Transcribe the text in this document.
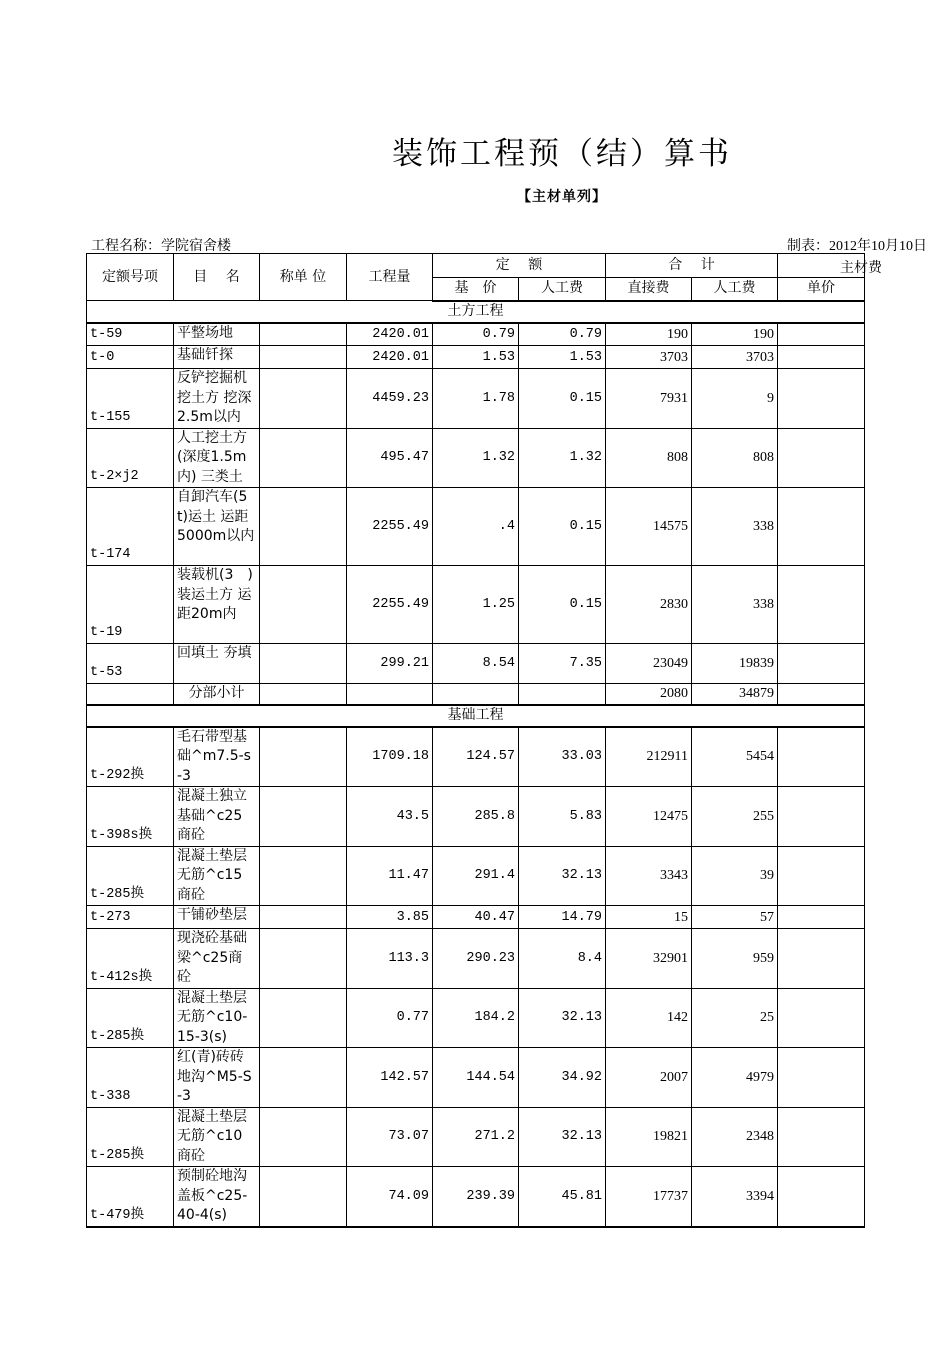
装饰工程预（结）算书
【主材单列】
工程名称：学院宿舍楼	制表：2012年10月10日
主材费
定额号项	目　 名	称单 位	工程量	定　 额		合　 计		
				基　价	人工费	直接费	人工费	单价
土方工程								
t-59	平整场地		2420.01	0.79	0.79	190	190	
t-0	基础钎探		2420.01	1.53	1.53	3703	3703	
t-155	反铲挖掘机挖土方 挖深2.5m以内		4459.23	1.78	0.15	7931	9	
t-2×j2	人工挖土方(深度1.5m内) 三类土		495.47	1.32	1.32	808	808	
t-174	自卸汽车(5t)运土 运距5000m以内		2255.49	.4	0.15	14575	338	
t-19	装载机(3　)装运土方 运距20m内		2255.49	1.25	0.15	2830	338	
t-53	回填土 夯填		299.21	8.54	7.35	23049	19839	
	分部小计					2080	34879	
基础工程								
t-292换	毛石带型基础^m7.5-s-3		1709.18	124.57	33.03	212911	5454	
t-398s换	混凝土独立基础^c25商砼		43.5	285.8	5.83	12475	255	
t-285换	混凝土垫层无筋^c15商砼		11.47	291.4	32.13	3343	39	
t-273	干铺砂垫层		3.85	40.47	14.79	15	57	
t-412s换	现浇砼基础梁^c25商砼		113.3	290.23	8.4	32901	959	
t-285换	混凝土垫层无筋^c10-15-3(s)		0.77	184.2	32.13	142	25	
t-338	红(青)砖砖地沟^M5-S-3		142.57	144.54	34.92	2007	4979	
t-285换	混凝土垫层无筋^c10商砼		73.07	271.2	32.13	19821	2348	
t-479换	预制砼地沟盖板^c25-40-4(s)		74.09	239.39	45.81	17737	3394	
